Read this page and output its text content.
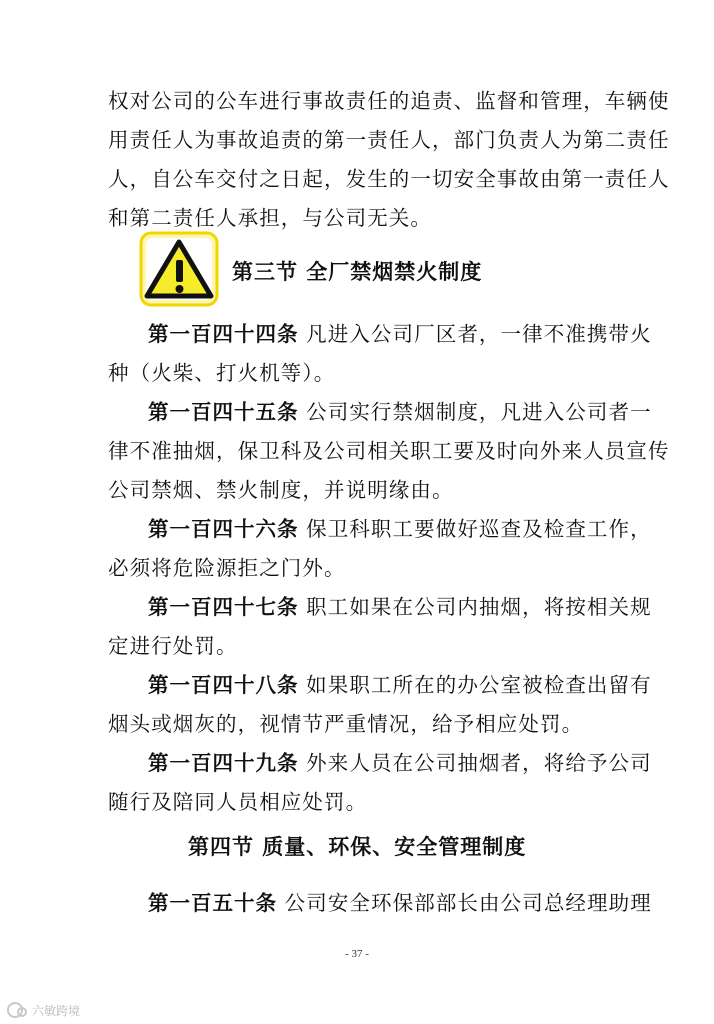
权对公司的公车进行事故责任的追责、监督和管理，车辆使
用责任人为事故追责的第一责任人，部门负责人为第二责任
人，自公车交付之日起，发生的一切安全事故由第一责任人
和第二责任人承担，与公司无关。
第三节 全厂禁烟禁火制度
第一百四十四条 凡进入公司厂区者，一律不准携带火
种（火柴、打火机等）。
第一百四十五条 公司实行禁烟制度，凡进入公司者一
律不准抽烟，保卫科及公司相关职工要及时向外来人员宣传
公司禁烟、禁火制度，并说明缘由。
第一百四十六条 保卫科职工要做好巡查及检查工作，
必须将危险源拒之门外。
第一百四十七条 职工如果在公司内抽烟，将按相关规
定进行处罚。
第一百四十八条 如果职工所在的办公室被检查出留有
烟头或烟灰的，视情节严重情况，给予相应处罚。
第一百四十九条 外来人员在公司抽烟者，将给予公司
随行及陪同人员相应处罚。
第四节 质量、环保、安全管理制度
第一百五十条 公司安全环保部部长由公司总经理助理
- 37 -
六敏跨境
